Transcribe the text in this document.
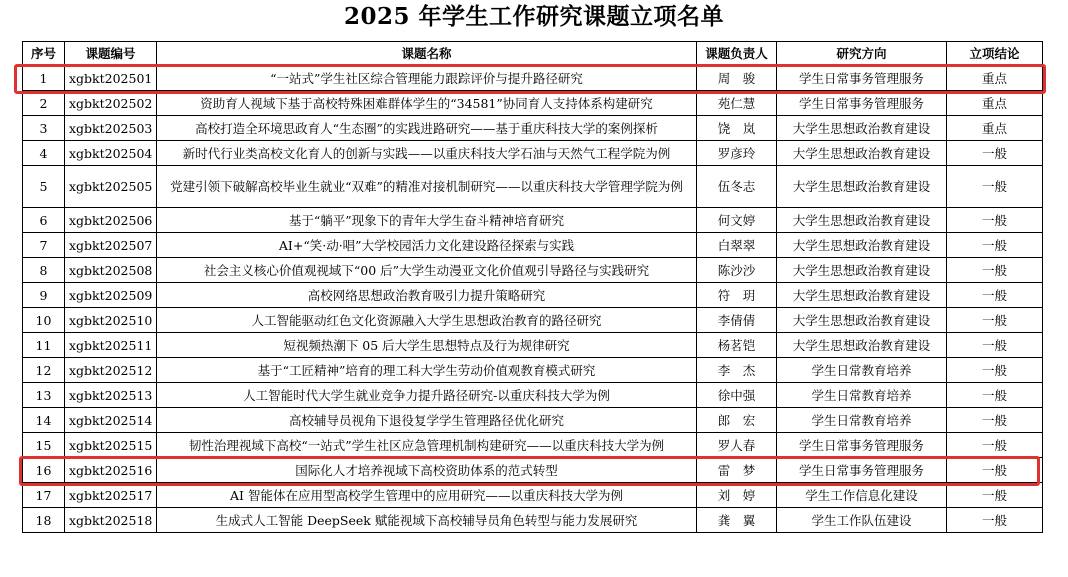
2025 年学生工作研究课题立项名单
序号	课题编号	课题名称	课题负责人	研究方向	立项结论
1	xgbkt202501	“一站式”学生社区综合管理能力跟踪评价与提升路径研究	周　骏	学生日常事务管理服务	重点
2	xgbkt202502	资助育人视域下基于高校特殊困难群体学生的“34581”协同育人支持体系构建研究	苑仁慧	学生日常事务管理服务	重点
3	xgbkt202503	高校打造全环境思政育人“生态圈”的实践进路研究——基于重庆科技大学的案例探析	饶　岚	大学生思想政治教育建设	重点
4	xgbkt202504	新时代行业类高校文化育人的创新与实践——以重庆科技大学石油与天然气工程学院为例	罗彦玲	大学生思想政治教育建设	一般
5	xgbkt202505	党建引领下破解高校毕业生就业“双难”的精准对接机制研究——以重庆科技大学管理学院为例	伍冬志	大学生思想政治教育建设	一般
6	xgbkt202506	基于“躺平”现象下的青年大学生奋斗精神培育研究	何文婷	大学生思想政治教育建设	一般
7	xgbkt202507	AI+“笑·动·唱”大学校园活力文化建设路径探索与实践	白翠翠	大学生思想政治教育建设	一般
8	xgbkt202508	社会主义核心价值观视域下“00 后”大学生动漫亚文化价值观引导路径与实践研究	陈沙沙	大学生思想政治教育建设	一般
9	xgbkt202509	高校网络思想政治教育吸引力提升策略研究	符　玥	大学生思想政治教育建设	一般
10	xgbkt202510	人工智能驱动红色文化资源融入大学生思想政治教育的路径研究	李倩倩	大学生思想政治教育建设	一般
11	xgbkt202511	短视频热潮下 05 后大学生思想特点及行为规律研究	杨茗铠	大学生思想政治教育建设	一般
12	xgbkt202512	基于“工匠精神”培育的理工科大学生劳动价值观教育模式研究	李　杰	学生日常教育培养	一般
13	xgbkt202513	人工智能时代大学生就业竞争力提升路径研究-以重庆科技大学为例	徐中强	学生日常教育培养	一般
14	xgbkt202514	高校辅导员视角下退役复学学生管理路径优化研究	郎　宏	学生日常教育培养	一般
15	xgbkt202515	韧性治理视域下高校“一站式”学生社区应急管理机制构建研究——以重庆科技大学为例	罗人春	学生日常事务管理服务	一般
16	xgbkt202516	国际化人才培养视域下高校资助体系的范式转型	雷　梦	学生日常事务管理服务	一般
17	xgbkt202517	AI 智能体在应用型高校学生管理中的应用研究——以重庆科技大学为例	刘　婷	学生工作信息化建设	一般
18	xgbkt202518	生成式人工智能 DeepSeek 赋能视域下高校辅导员角色转型与能力发展研究	龚　翼	学生工作队伍建设	一般
